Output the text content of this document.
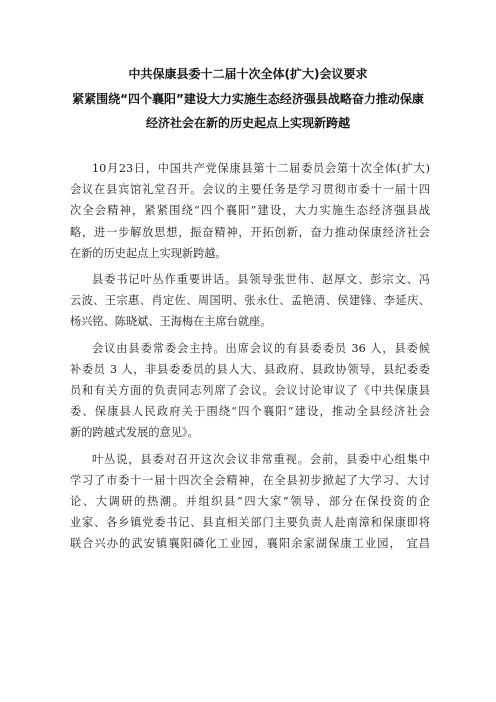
中共保康县委十二届十次全体(扩大)会议要求
紧紧围绕“四个襄阳”建设大力实施生态经济强县战略奋力推动保康
经济社会在新的历史起点上实现新跨越
10月23日，中国共产党保康县第十二届委员会第十次全体(扩大)
会议在县宾馆礼堂召开。会议的主要任务是学习贯彻市委十一届十四
次全会精神，紧紧围绕“四个襄阳”建设，大力实施生态经济强县战
略，进一步解放思想，振奋精神，开拓创新，奋力推动保康经济社会
在新的历史起点上实现新跨越。
县委书记叶丛作重要讲话。县领导张世伟、赵厚文、彭宗文、冯
云波、王宗惠、肖定佐、周国明、张永仕、孟艳清、侯建锋、李延庆、
杨兴铭、陈晓斌、王海梅在主席台就座。
会议由县委常委会主持。出席会议的有县委委员 36 人，县委候
补委员 3 人，非县委委员的县人大、县政府、县政协领导，县纪委委
员和有关方面的负责同志列席了会议。会议讨论审议了《中共保康县
委、保康县人民政府关于围绕“四个襄阳”建设，推动全县经济社会
新的跨越式发展的意见》。
叶丛说，县委对召开这次会议非常重视。会前，县委中心组集中
学习了市委十一届十四次全会精神，在全县初步掀起了大学习、大讨
论、大调研的热潮。并组织县“四大家”领导、部分在保投资的企
业家、各乡镇党委书记、县直相关部门主要负责人赴南漳和保康即将
联合兴办的武安镇襄阳磷化工业园，襄阳余家湖保康工业园， 宜昌
